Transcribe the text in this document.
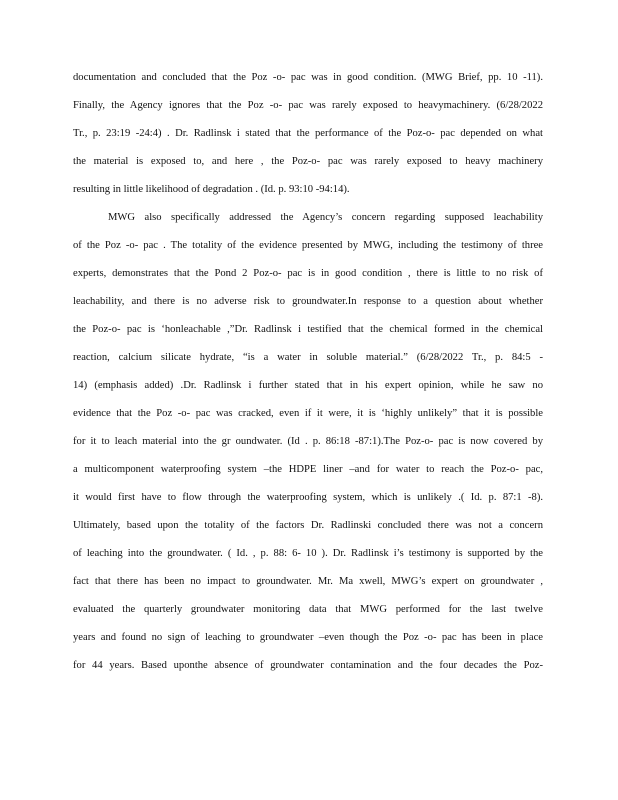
documentation and concluded that the Poz -o- pac was in good condition. (MWG Brief, pp. 10 -11).
Finally, the Agency ignores that the Poz -o- pac was rarely exposed to heavymachinery. (6/28/2022
Tr., p. 23:19 -24:4) . Dr. Radlinsk i stated that the performance of the Poz-o- pac depended on what
the material is exposed to, and here , the Poz-o- pac was rarely exposed to heavy machinery
resulting in little likelihood of degradation . (Id. p. 93:10 -94:14).
MWG also specifically addressed the Agency’s concern regarding supposed leachability
of the Poz -o- pac . The totality of the evidence presented by MWG, including the testimony of three
experts, demonstrates that the Pond 2 Poz-o- pac is in good condition , there is little to no risk of
leachability, and there is no adverse risk to groundwater.In response to a question about whether
the Poz-o- pac is ‘honleachable ,”Dr. Radlinsk i testified that the chemical formed in the chemical
reaction, calcium silicate hydrate, “is a water in soluble material.” (6/28/2022 Tr., p. 84:5 -
14) (emphasis added) .Dr. Radlinsk i further stated that in his expert opinion, while he saw no
evidence that the Poz -o- pac was cracked, even if it were, it is ‘highly unlikely” that it is possible
for it to leach material into the gr oundwater. (Id . p. 86:18 -87:1).The Poz-o- pac is now covered by
a multicomponent waterproofing system –the HDPE liner –and for water to reach the Poz-o- pac,
it would first have to flow through the waterproofing system, which is unlikely .( Id. p. 87:1 -8).
Ultimately, based upon the totality of the factors Dr. Radlinski concluded there was not a concern
of leaching into the groundwater. ( Id. , p. 88: 6- 10 ). Dr. Radlinsk i’s testimony is supported by the
fact that there has been no impact to groundwater. Mr. Ma xwell, MWG’s expert on groundwater ,
evaluated the quarterly groundwater monitoring data that MWG performed for the last twelve
years and found no sign of leaching to groundwater –even though the Poz -o- pac has been in place
for 44 years. Based uponthe absence of groundwater contamination and the four decades the Poz-
